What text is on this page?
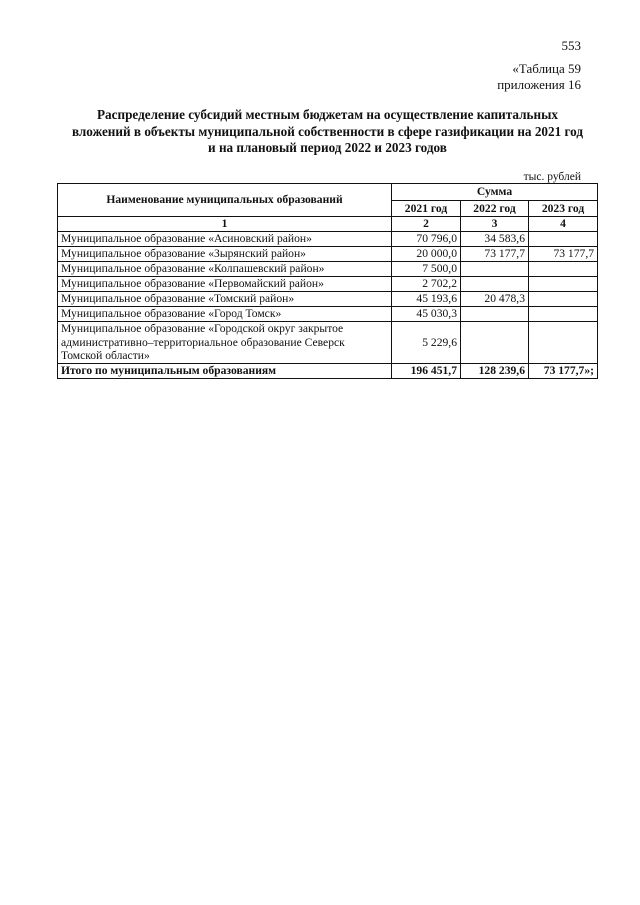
553
«Таблица 59
приложения 16
Распределение субсидий местным бюджетам на осуществление капитальных вложений в объекты муниципальной собственности в сфере газификации на 2021 год и на плановый период 2022 и 2023 годов
тыс. рублей
Наименование муниципальных образований	Сумма		
	2021 год	2022 год	2023 год
1	2	3	4
Муниципальное образование «Асиновский район»	70 796,0	34 583,6	
Муниципальное образование «Зырянский район»	20 000,0	73 177,7	73 177,7
Муниципальное образование «Колпашевский район»	7 500,0		
Муниципальное образование «Первомайский район»	2 702,2		
Муниципальное образование «Томский район»	45 193,6	20 478,3	
Муниципальное образование «Город Томск»	45 030,3		

Муниципальное образование «Городской округ закрытое
административно–территориальное образование Северск
Томской области»	5 229,6		
Итого по муниципальным образованиям	196 451,7	128 239,6	73 177,7»;
